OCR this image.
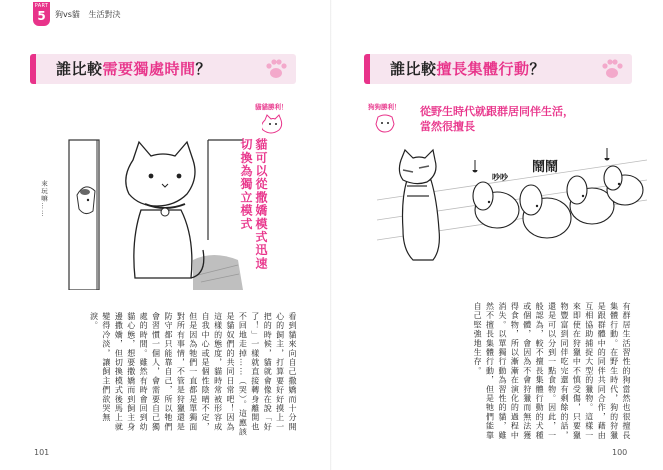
PART
5	狗vs貓 生活對決
誰比較需要獨處時間？
來玩嘛……
貓貓勝利！
貓可以從撒嬌模式迅速切換為獨立模式
看到貓來向自己撒嬌而十分開心的飼主，打算要好好摸上一把的時候，貓就會像在說「好了！」一樣就直接轉身離開也不回地走掉……（哭）。這應該是貓奴們的共同日常吧！因為這樣的態度，貓時常被形容成自我中心或是個性陰晴不定，但是因為牠們一直都是單獨面對所有事情，不管是狩獵還是防守都只能靠自己，所以牠們會習慣一個人，會需要自己獨處的時間。雖然有時會回到幼貓心態，想要撒嬌而到飼主身邊撒嬌，但切換模式後馬上就變得冷淡，讓飼主們欲哭無淚。
101
誰比較擅長集體行動？
狗狗勝利！ 從野生時代就跟群居同伴生活，
當然很擅長
吵吵
鬧鬧
有群居生活習性的狗當然也很擅長集體行動。在野生時代，狗的狩獵是跟群體中的同伴共同合作，藉由互相協助捕捉大型的獵物。這樣一來即使在狩獵中不慎受傷，只要獵物豐富到同伴吃完還有剩餘的話，還是可以分到一點食物。因此，一般認為，較不擅長集體行動的犬種或個體，會因為不會狩獵而無法獲得食物，所以漸漸在演化的過程中消失。以單獨行動為習性的貓，雖然不擅長集體行動，但是牠們能靠自己堅強地生存。
100
